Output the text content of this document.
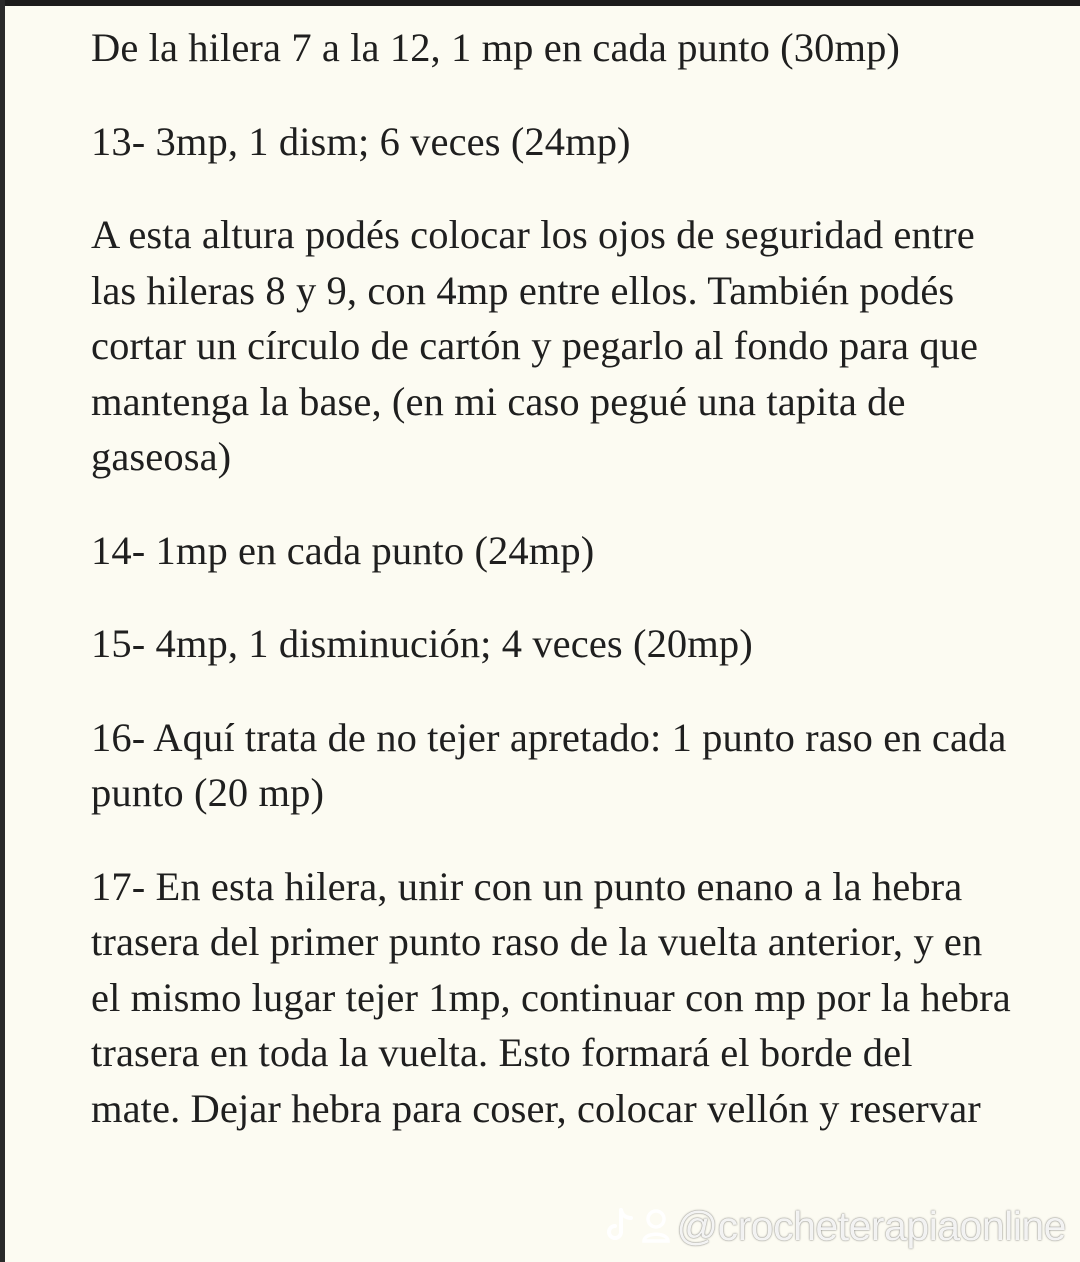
De la hilera 7 a la 12, 1 mp en cada punto (30mp)

13- 3mp, 1 dism; 6 veces (24mp)

A esta altura podés colocar los ojos de seguridad entre las hileras 8 y 9, con 4mp entre ellos. También podés cortar un círculo de cartón y pegarlo al fondo para que mantenga la base, (en mi caso pegué una tapita de gaseosa)

14- 1mp en cada punto (24mp)

15- 4mp, 1 disminución; 4 veces (20mp)

16- Aquí trata de no tejer apretado: 1 punto raso en cada punto (20 mp)

17- En esta hilera, unir con un punto enano a la hebra trasera del primer punto raso de la vuelta anterior, y en el mismo lugar tejer 1mp, continuar con mp por la hebra trasera en toda la vuelta. Esto formará el borde del mate. Dejar hebra para coser, colocar vellón y reservar

@crocheterapiaonline
